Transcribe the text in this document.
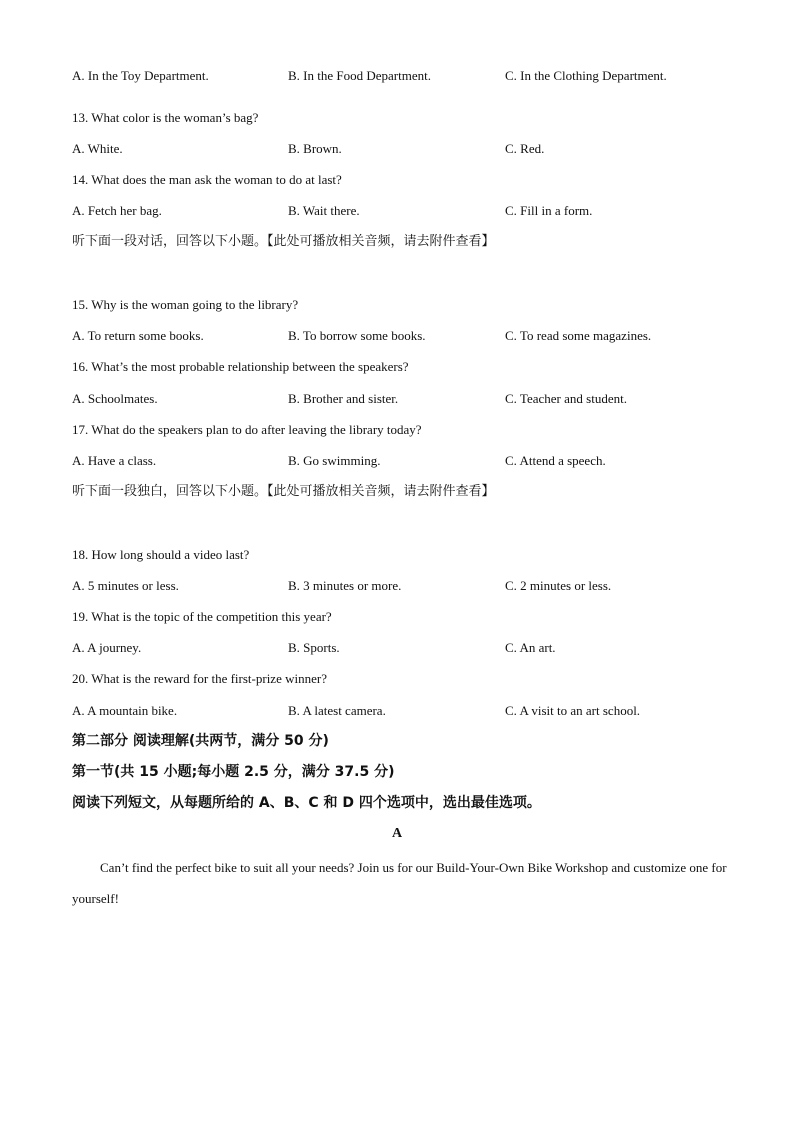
A. In the Toy Department.	B. In the Food Department.	C. In the Clothing Department.
13. What color is the woman’s bag?
A. White.	B. Brown.	C. Red.
14. What does the man ask the woman to do at last?
A. Fetch her bag.	B. Wait there.	C. Fill in a form.
听下面一段对话，回答以下小题。【此处可播放相关音频，请去附件查看】
15. Why is the woman going to the library?
A. To return some books.	B. To borrow some books.	C. To read some magazines.
16. What’s the most probable relationship between the speakers?
A. Schoolmates.	B. Brother and sister.	C. Teacher and student.
17. What do the speakers plan to do after leaving the library today?
A. Have a class.	B. Go swimming.	C. Attend a speech.
听下面一段独白，回答以下小题。【此处可播放相关音频，请去附件查看】
18. How long should a video last?
A. 5 minutes or less.	B. 3 minutes or more.	C. 2 minutes or less.
19. What is the topic of the competition this year?
A. A journey.	B. Sports.	C. An art.
20. What is the reward for the first-prize winner?
A. A mountain bike.	B. A latest camera.	C. A visit to an art school.
第二部分 阅读理解(共两节，满分 50 分)
第一节(共 15 小题;每小题 2.5 分，满分 37.5 分)
阅读下列短文，从每题所给的 A、B、C 和 D 四个选项中，选出最佳选项。
A
Can’t find the perfect bike to suit all your needs? Join us for our Build-Your-Own Bike Workshop and customize one for yourself!
